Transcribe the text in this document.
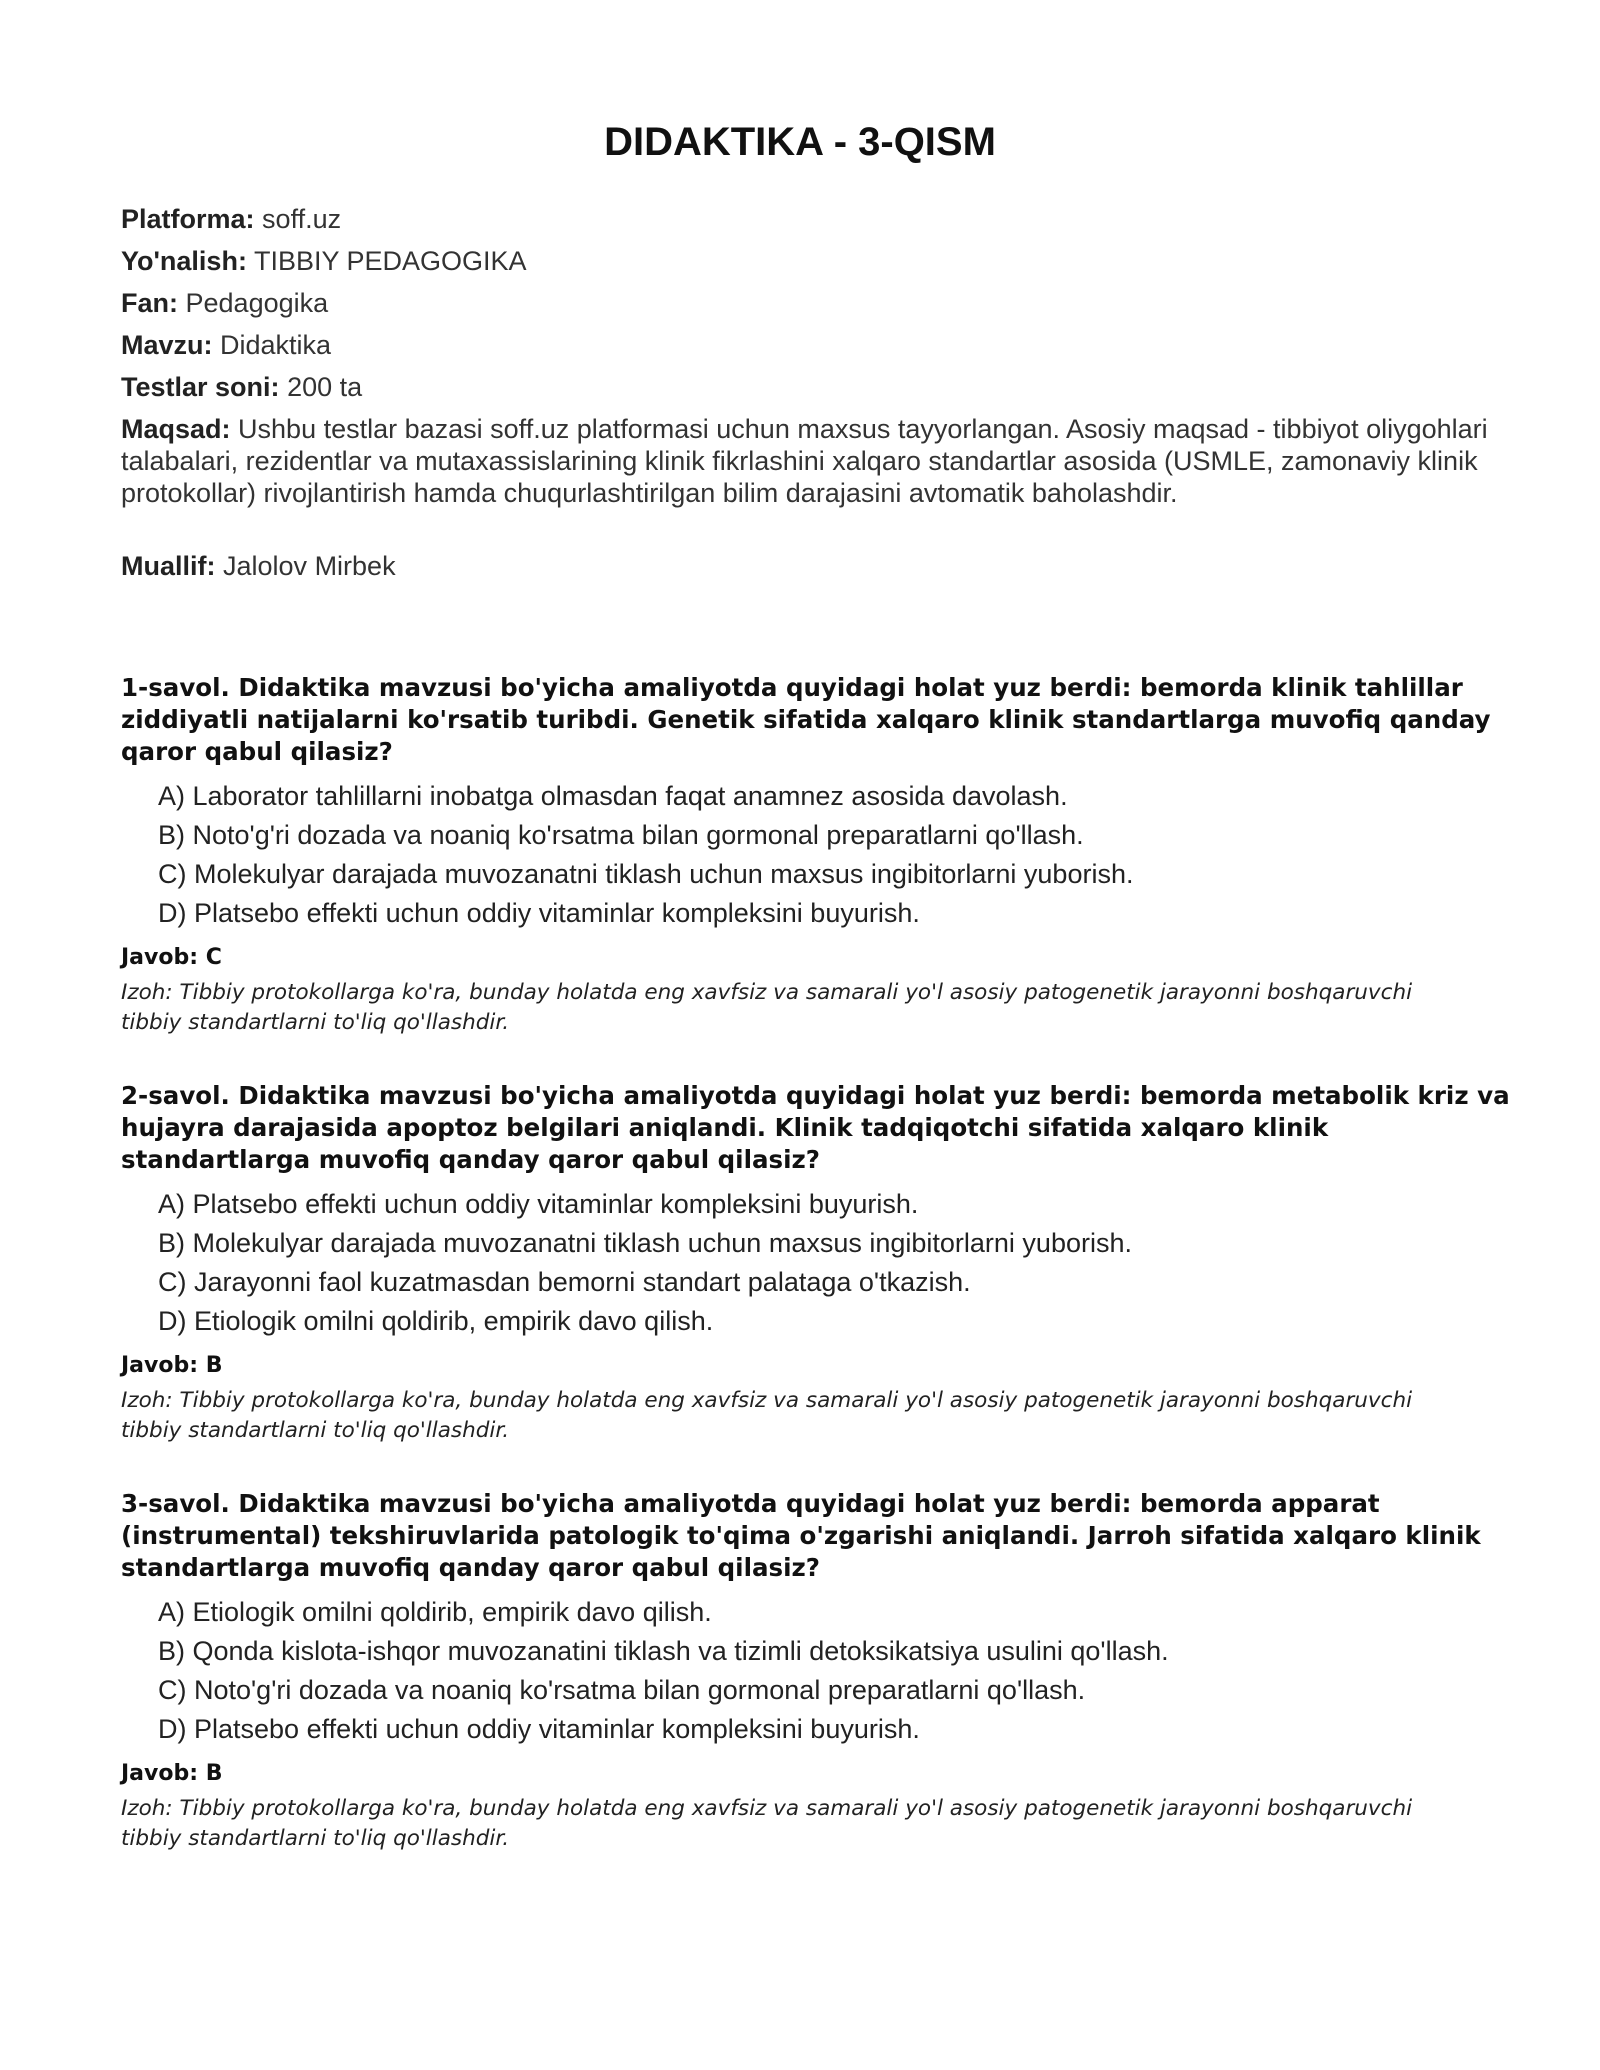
DIDAKTIKA - 3-QISM
Platforma: soff.uz
Yo'nalish: TIBBIY PEDAGOGIKA
Fan: Pedagogika
Mavzu: Didaktika
Testlar soni: 200 ta
Maqsad: Ushbu testlar bazasi soff.uz platformasi uchun maxsus tayyorlangan. Asosiy maqsad - tibbiyot oliygohlari talabalari, rezidentlar va mutaxassislarining klinik fikrlashini xalqaro standartlar asosida (USMLE, zamonaviy klinik protokollar) rivojlantirish hamda chuqurlashtirilgan bilim darajasini avtomatik baholashdir.
Muallif: Jalolov Mirbek
1-savol. Didaktika mavzusi bo'yicha amaliyotda quyidagi holat yuz berdi: bemorda klinik tahlillar ziddiyatli natijalarni ko'rsatib turibdi. Genetik sifatida xalqaro klinik standartlarga muvofiq qanday qaror qabul qilasiz?
A) Laborator tahlillarni inobatga olmasdan faqat anamnez asosida davolash.
B) Noto'g'ri dozada va noaniq ko'rsatma bilan gormonal preparatlarni qo'llash.
C) Molekulyar darajada muvozanatni tiklash uchun maxsus ingibitorlarni yuborish.
D) Platsebo effekti uchun oddiy vitaminlar kompleksini buyurish.
Javob: C
Izoh: Tibbiy protokollarga ko'ra, bunday holatda eng xavfsiz va samarali yo'l asosiy patogenetik jarayonni boshqaruvchi tibbiy standartlarni to'liq qo'llashdir.
2-savol. Didaktika mavzusi bo'yicha amaliyotda quyidagi holat yuz berdi: bemorda metabolik kriz va hujayra darajasida apoptoz belgilari aniqlandi. Klinik tadqiqotchi sifatida xalqaro klinik standartlarga muvofiq qanday qaror qabul qilasiz?
A) Platsebo effekti uchun oddiy vitaminlar kompleksini buyurish.
B) Molekulyar darajada muvozanatni tiklash uchun maxsus ingibitorlarni yuborish.
C) Jarayonni faol kuzatmasdan bemorni standart palataga o'tkazish.
D) Etiologik omilni qoldirib, empirik davo qilish.
Javob: B
Izoh: Tibbiy protokollarga ko'ra, bunday holatda eng xavfsiz va samarali yo'l asosiy patogenetik jarayonni boshqaruvchi tibbiy standartlarni to'liq qo'llashdir.
3-savol. Didaktika mavzusi bo'yicha amaliyotda quyidagi holat yuz berdi: bemorda apparat (instrumental) tekshiruvlarida patologik to'qima o'zgarishi aniqlandi. Jarroh sifatida xalqaro klinik standartlarga muvofiq qanday qaror qabul qilasiz?
A) Etiologik omilni qoldirib, empirik davo qilish.
B) Qonda kislota-ishqor muvozanatini tiklash va tizimli detoksikatsiya usulini qo'llash.
C) Noto'g'ri dozada va noaniq ko'rsatma bilan gormonal preparatlarni qo'llash.
D) Platsebo effekti uchun oddiy vitaminlar kompleksini buyurish.
Javob: B
Izoh: Tibbiy protokollarga ko'ra, bunday holatda eng xavfsiz va samarali yo'l asosiy patogenetik jarayonni boshqaruvchi tibbiy standartlarni to'liq qo'llashdir.
